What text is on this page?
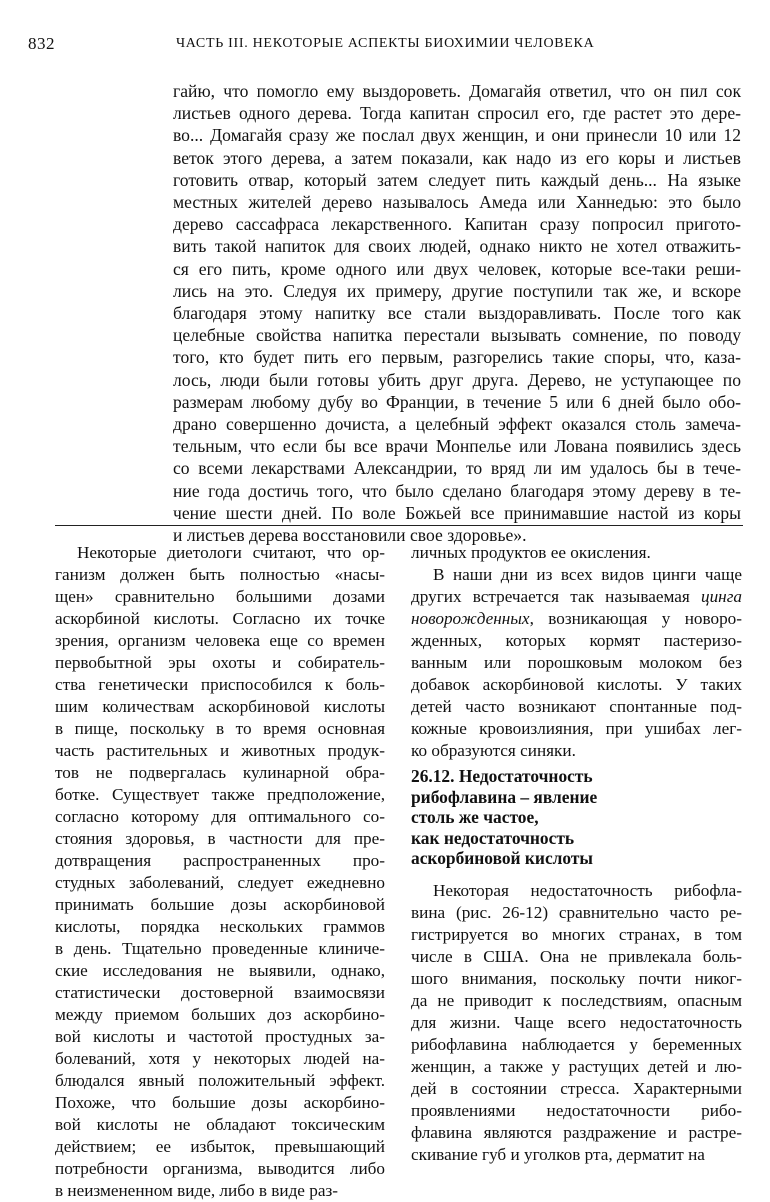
832	ЧАСТЬ III. НЕКОТОРЫЕ АСПЕКТЫ БИОХИМИИ ЧЕЛОВЕКА
гайю, что помогло ему выздороветь. Домагайя ответил, что он пил сок
листьев одного дерева. Тогда капитан спросил его, где растет это дере-
во... Домагайя сразу же послал двух женщин, и они принесли 10 или 12
веток этого дерева, а затем показали, как надо из его коры и листьев
готовить отвар, который затем следует пить каждый день... На языке
местных жителей дерево называлось Амеда или Ханнедью: это было
дерево сассафраса лекарственного. Капитан сразу попросил пригото-
вить такой напиток для своих людей, однако никто не хотел отважить-
ся его пить, кроме одного или двух человек, которые все-таки реши-
лись на это. Следуя их примеру, другие поступили так же, и вскоре
благодаря этому напитку все стали выздоравливать. После того как
целебные свойства напитка перестали вызывать сомнение, по поводу
того, кто будет пить его первым, разгорелись такие споры, что, каза-
лось, люди были готовы убить друг друга. Дерево, не уступающее по
размерам любому дубу во Франции, в течение 5 или 6 дней было обо-
драно совершенно дочиста, а целебный эффект оказался столь замеча-
тельным, что если бы все врачи Монпелье или Лована появились здесь
со всеми лекарствами Александрии, то вряд ли им удалось бы в тече-
ние года достичь того, что было сделано благодаря этому дереву в те-
чение шести дней. По воле Божьей все принимавшие настой из коры
и листьев дерева восстановили свое здоровье».
Некоторые диетологи считают, что ор-
ганизм должен быть полностью «насы-
щен» сравнительно большими дозами
аскорбиной кислоты. Согласно их точке
зрения, организм человека еще со времен
первобытной эры охоты и собиратель-
ства генетически приспособился к боль-
шим количествам аскорбиновой кислоты
в пище, поскольку в то время основная
часть растительных и животных продук-
тов не подвергалась кулинарной обра-
ботке. Существует также предположение,
согласно которому для оптимального со-
стояния здоровья, в частности для пре-
дотвращения распространенных про-
студных заболеваний, следует ежедневно
принимать большие дозы аскорбиновой
кислоты, порядка нескольких граммов
в день. Тщательно проведенные клиниче-
ские исследования не выявили, однако,
статистически достоверной взаимосвязи
между приемом больших доз аскорбино-
вой кислоты и частотой простудных за-
болеваний, хотя у некоторых людей на-
блюдался явный положительный эффект.
Похоже, что большие дозы аскорбино-
вой кислоты не обладают токсическим
действием; ее избыток, превышающий
потребности организма, выводится либо
в неизмененном виде, либо в виде раз-
личных продуктов ее окисления.
В наши дни из всех видов цинги чаще
других встречается так называемая цинга
новорожденных, возникающая у новоро-
жденных, которых кормят пастеризо-
ванным или порошковым молоком без
добавок аскорбиновой кислоты. У таких
детей часто возникают спонтанные под-
кожные кровоизлияния, при ушибах лег-
ко образуются синяки.
26.12. Недостаточность
рибофлавина – явление
столь же частое,
как недостаточность
аскорбиновой кислоты
Некоторая недостаточность рибофла-
вина (рис. 26-12) сравнительно часто ре-
гистрируется во многих странах, в том
числе в США. Она не привлекала боль-
шого внимания, поскольку почти никог-
да не приводит к последствиям, опасным
для жизни. Чаще всего недостаточность
рибофлавина наблюдается у беременных
женщин, а также у растущих детей и лю-
дей в состоянии стресса. Характерными
проявлениями недостаточности рибо-
флавина являются раздражение и растре-
скивание губ и уголков рта, дерматит на
